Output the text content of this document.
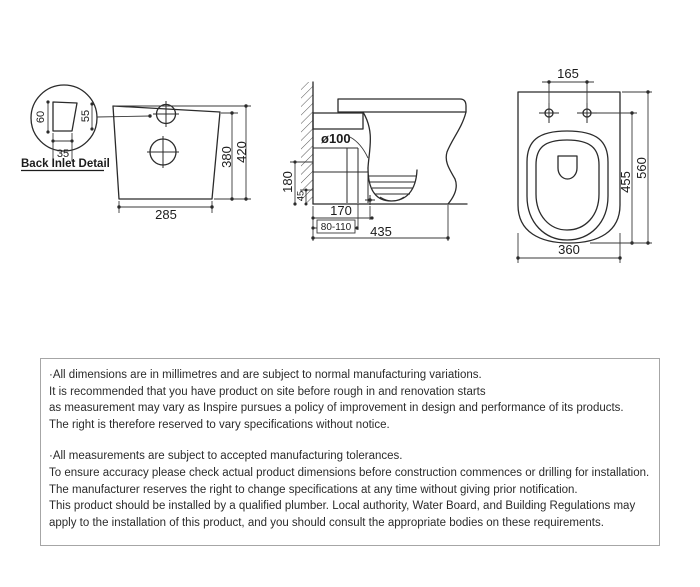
60	55
35
Back Inlet Detail
285
420
380
ø100
180
45
170
80-110 435
165
455
560
360
·All dimensions are in millimetres and are subject to normal manufacturing variations.
It is recommended that you have product on site before rough in and renovation starts
as measurement may vary as Inspire pursues a policy of improvement in design and performance of its products.
The right is therefore reserved to vary specifications without notice.
·All measurements are subject to accepted manufacturing tolerances.
To ensure accuracy please check actual product dimensions before construction commences or drilling for installation.
The manufacturer reserves the right to change specifications at any time without giving prior notification.
This product should be installed by a qualified plumber. Local authority, Water Board, and Building Regulations may
apply to the installation of this product, and you should consult the appropriate bodies on these requirements.
